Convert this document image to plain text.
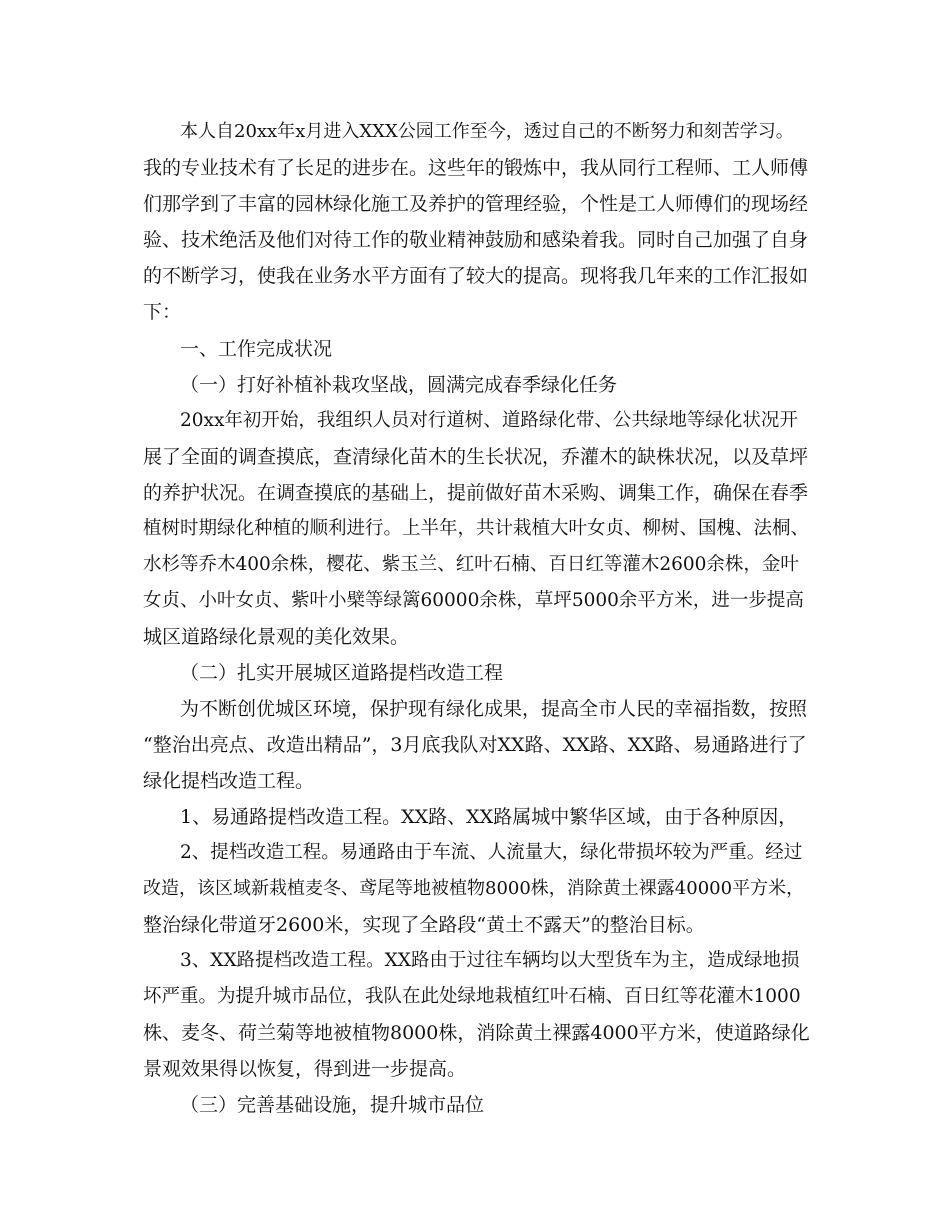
本人自20xx年x月进入XXX公园工作至今，透过自己的不断努力和刻苦学习。
我的专业技术有了长足的进步在。这些年的锻炼中，我从同行工程师、工人师傅
们那学到了丰富的园林绿化施工及养护的管理经验，个性是工人师傅们的现场经
验、技术绝活及他们对待工作的敬业精神鼓励和感染着我。同时自己加强了自身
的不断学习，使我在业务水平方面有了较大的提高。现将我几年来的工作汇报如
下：
一、工作完成状况
（一）打好补植补栽攻坚战，圆满完成春季绿化任务
20xx年初开始，我组织人员对行道树、道路绿化带、公共绿地等绿化状况开
展了全面的调查摸底，查清绿化苗木的生长状况，乔灌木的缺株状况，以及草坪
的养护状况。在调查摸底的基础上，提前做好苗木采购、调集工作，确保在春季
植树时期绿化种植的顺利进行。上半年，共计栽植大叶女贞、柳树、国槐、法桐、
水杉等乔木400余株，樱花、紫玉兰、红叶石楠、百日红等灌木2600余株，金叶
女贞、小叶女贞、紫叶小檗等绿篱60000余株，草坪5000余平方米，进一步提高
城区道路绿化景观的美化效果。
（二）扎实开展城区道路提档改造工程
为不断创优城区环境，保护现有绿化成果，提高全市人民的幸福指数，按照
“整治出亮点、改造出精品”，3月底我队对XX路、XX路、XX路、易通路进行了
绿化提档改造工程。
1、易通路提档改造工程。XX路、XX路属城中繁华区域，由于各种原因，
2、提档改造工程。易通路由于车流、人流量大，绿化带损坏较为严重。经过
改造，该区域新栽植麦冬、鸢尾等地被植物8000株，消除黄土裸露40000平方米，
整治绿化带道牙2600米，实现了全路段“黄土不露天”的整治目标。
3、XX路提档改造工程。XX路由于过往车辆均以大型货车为主，造成绿地损
坏严重。为提升城市品位，我队在此处绿地栽植红叶石楠、百日红等花灌木1000
株、麦冬、荷兰菊等地被植物8000株，消除黄土裸露4000平方米，使道路绿化
景观效果得以恢复，得到进一步提高。
（三）完善基础设施，提升城市品位
